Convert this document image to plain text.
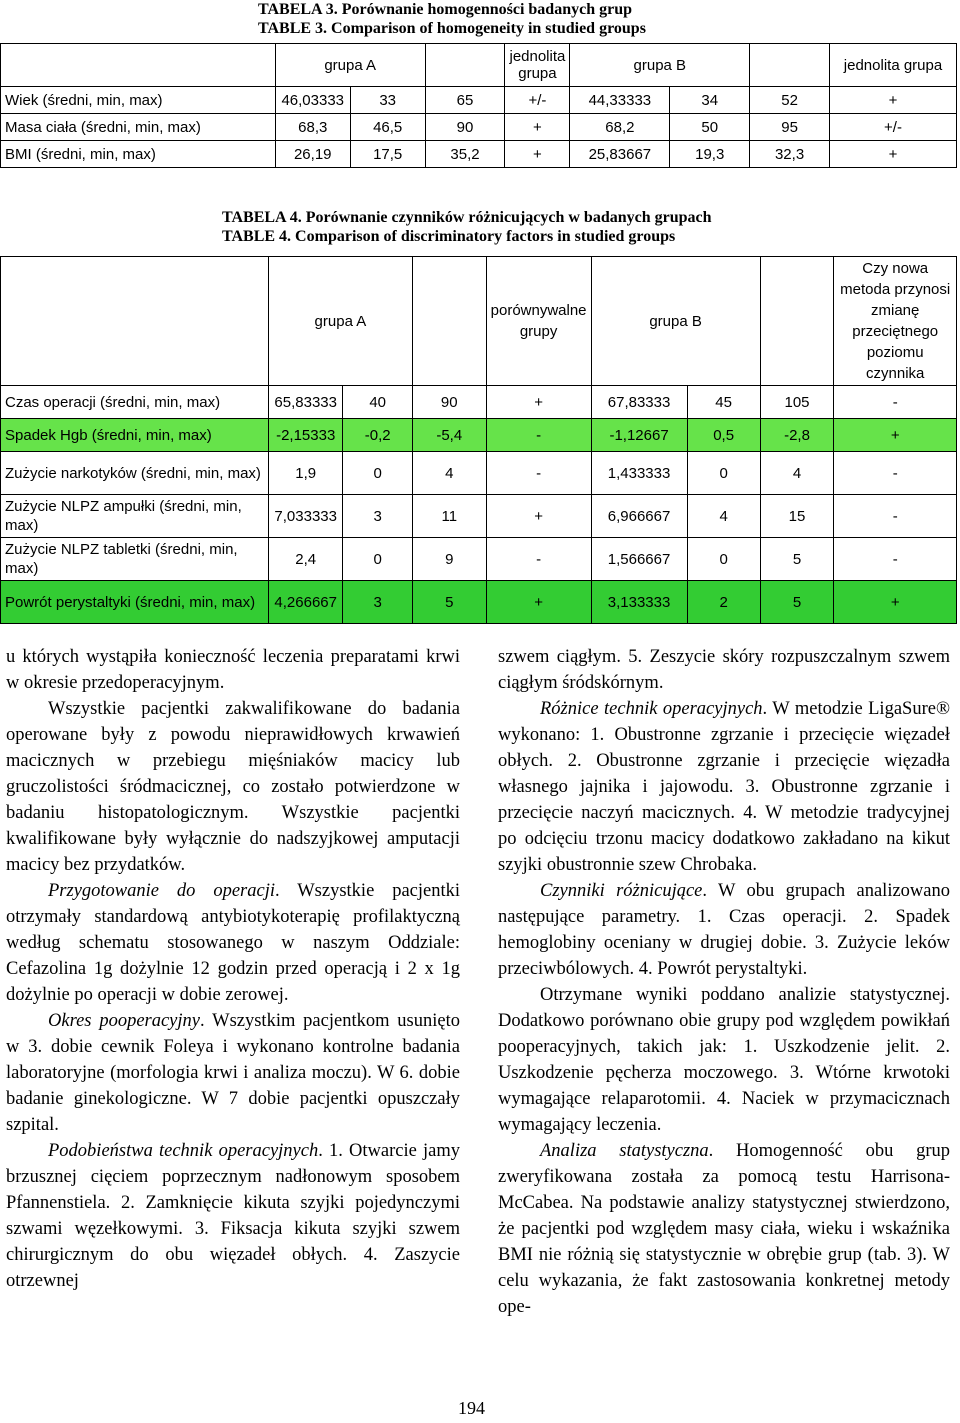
TABELA 3. Porównanie homogenności badanych grup
TABLE 3. Comparison of homogeneity in studied groups
	grupa A			jednolita grupa	grupa B			jednolita grupa
Wiek (średni, min, max)	46,03333	33	65	+/-	44,33333	34	52	+
Masa ciała (średni, min, max)	68,3	46,5	90	+	68,2	50	95	+/-
BMI (średni, min, max)	26,19	17,5	35,2	+	25,83667	19,3	32,3	+
TABELA 4. Porównanie czynników różnicujących w badanych grupach
TABLE 4. Comparison of discriminatory factors in studied groups
	grupa A			porównywalne grupy	grupa B			Czy nowa metoda przynosi zmianę przeciętnego poziomu czynnika
Czas operacji (średni, min, max)	65,83333	40	90	+	67,83333	45	105	-
Spadek Hgb (średni, min, max)	-2,15333	-0,2	-5,4	-	-1,12667	0,5	-2,8	+
Zużycie narkotyków (średni, min, max)	1,9	0	4	-	1,433333	0	4	-
Zużycie NLPZ ampułki (średni, min, max)	7,033333	3	11	+	6,966667	4	15	-
Zużycie NLPZ tabletki (średni, min, max)	2,4	0	9	-	1,566667	0	5	-
Powrót perystaltyki (średni, min, max)	4,266667	3	5	+	3,133333	2	5	+

u których wystąpiła konieczność leczenia preparatami krwi w okresie przedoperacyjnym.

Wszystkie pacjentki zakwalifikowane do badania operowane były z powodu nieprawidłowych krwawień macicznych w przebiegu mięśniaków macicy lub gruczolistości śródmacicznej, co zostało potwierdzone w badaniu histopatologicznym. Wszystkie pacjentki kwalifikowane były wyłącznie do nadszyjkowej amputacji macicy bez przydatków.

Przygotowanie do operacji. Wszystkie pacjentki otrzymały standardową antybiotykoterapię profilaktyczną według schematu stosowanego w naszym Oddziale: Cefazolina 1g dożylnie 12 godzin przed operacją i 2 x 1g dożylnie po operacji w dobie zerowej.

Okres pooperacyjny. Wszystkim pacjentkom usunięto w 3. dobie cewnik Foleya i wykonano kontrolne badania laboratoryjne (morfologia krwi i analiza moczu). W 6. dobie badanie ginekologiczne. W 7 dobie pacjentki opuszczały szpital.

Podobieństwa technik operacyjnych. 1. Otwarcie jamy brzusznej cięciem poprzecznym nadłonowym sposobem Pfannenstiela. 2. Zamknięcie kikuta szyjki pojedynczymi szwami węzełkowymi. 3. Fiksacja kikuta szyjki szwem chirurgicznym do obu więzadeł obłych. 4. Zaszycie otrzewnej

szwem ciągłym. 5. Zeszycie skóry rozpuszczalnym szwem ciągłym śródskórnym.

Różnice technik operacyjnych. W metodzie LigaSure® wykonano: 1. Obustronne zgrzanie i przecięcie więzadeł obłych. 2. Obustronne zgrzanie i przecięcie więzadła własnego jajnika i jajowodu. 3. Obustronne zgrzanie i przecięcie naczyń macicznych. 4. W metodzie tradycyjnej po odcięciu trzonu macicy dodatkowo zakładano na kikut szyjki obustronnie szew Chrobaka.

Czynniki różnicujące. W obu grupach analizowano następujące parametry. 1. Czas operacji. 2. Spadek hemoglobiny oceniany w drugiej dobie. 3. Zużycie leków przeciwbólowych. 4. Powrót perystaltyki.

Otrzymane wyniki poddano analizie statystycznej. Dodatkowo porównano obie grupy pod względem powikłań pooperacyjnych, takich jak: 1. Uszkodzenie jelit. 2. Uszkodzenie pęcherza moczowego. 3. Wtórne krwotoki wymagające relaparotomii. 4. Naciek w przymacicznach wymagający leczenia.

Analiza statystyczna. Homogenność obu grup zweryfikowana została za pomocą testu Harrisona-McCabea. Na podstawie analizy statystycznej stwierdzono, że pacjentki pod względem masy ciała, wieku i wskaźnika BMI nie różnią się statystycznie w obrębie grup (tab. 3). W celu wykazania, że fakt zastosowania konkretnej metody ope-

194
